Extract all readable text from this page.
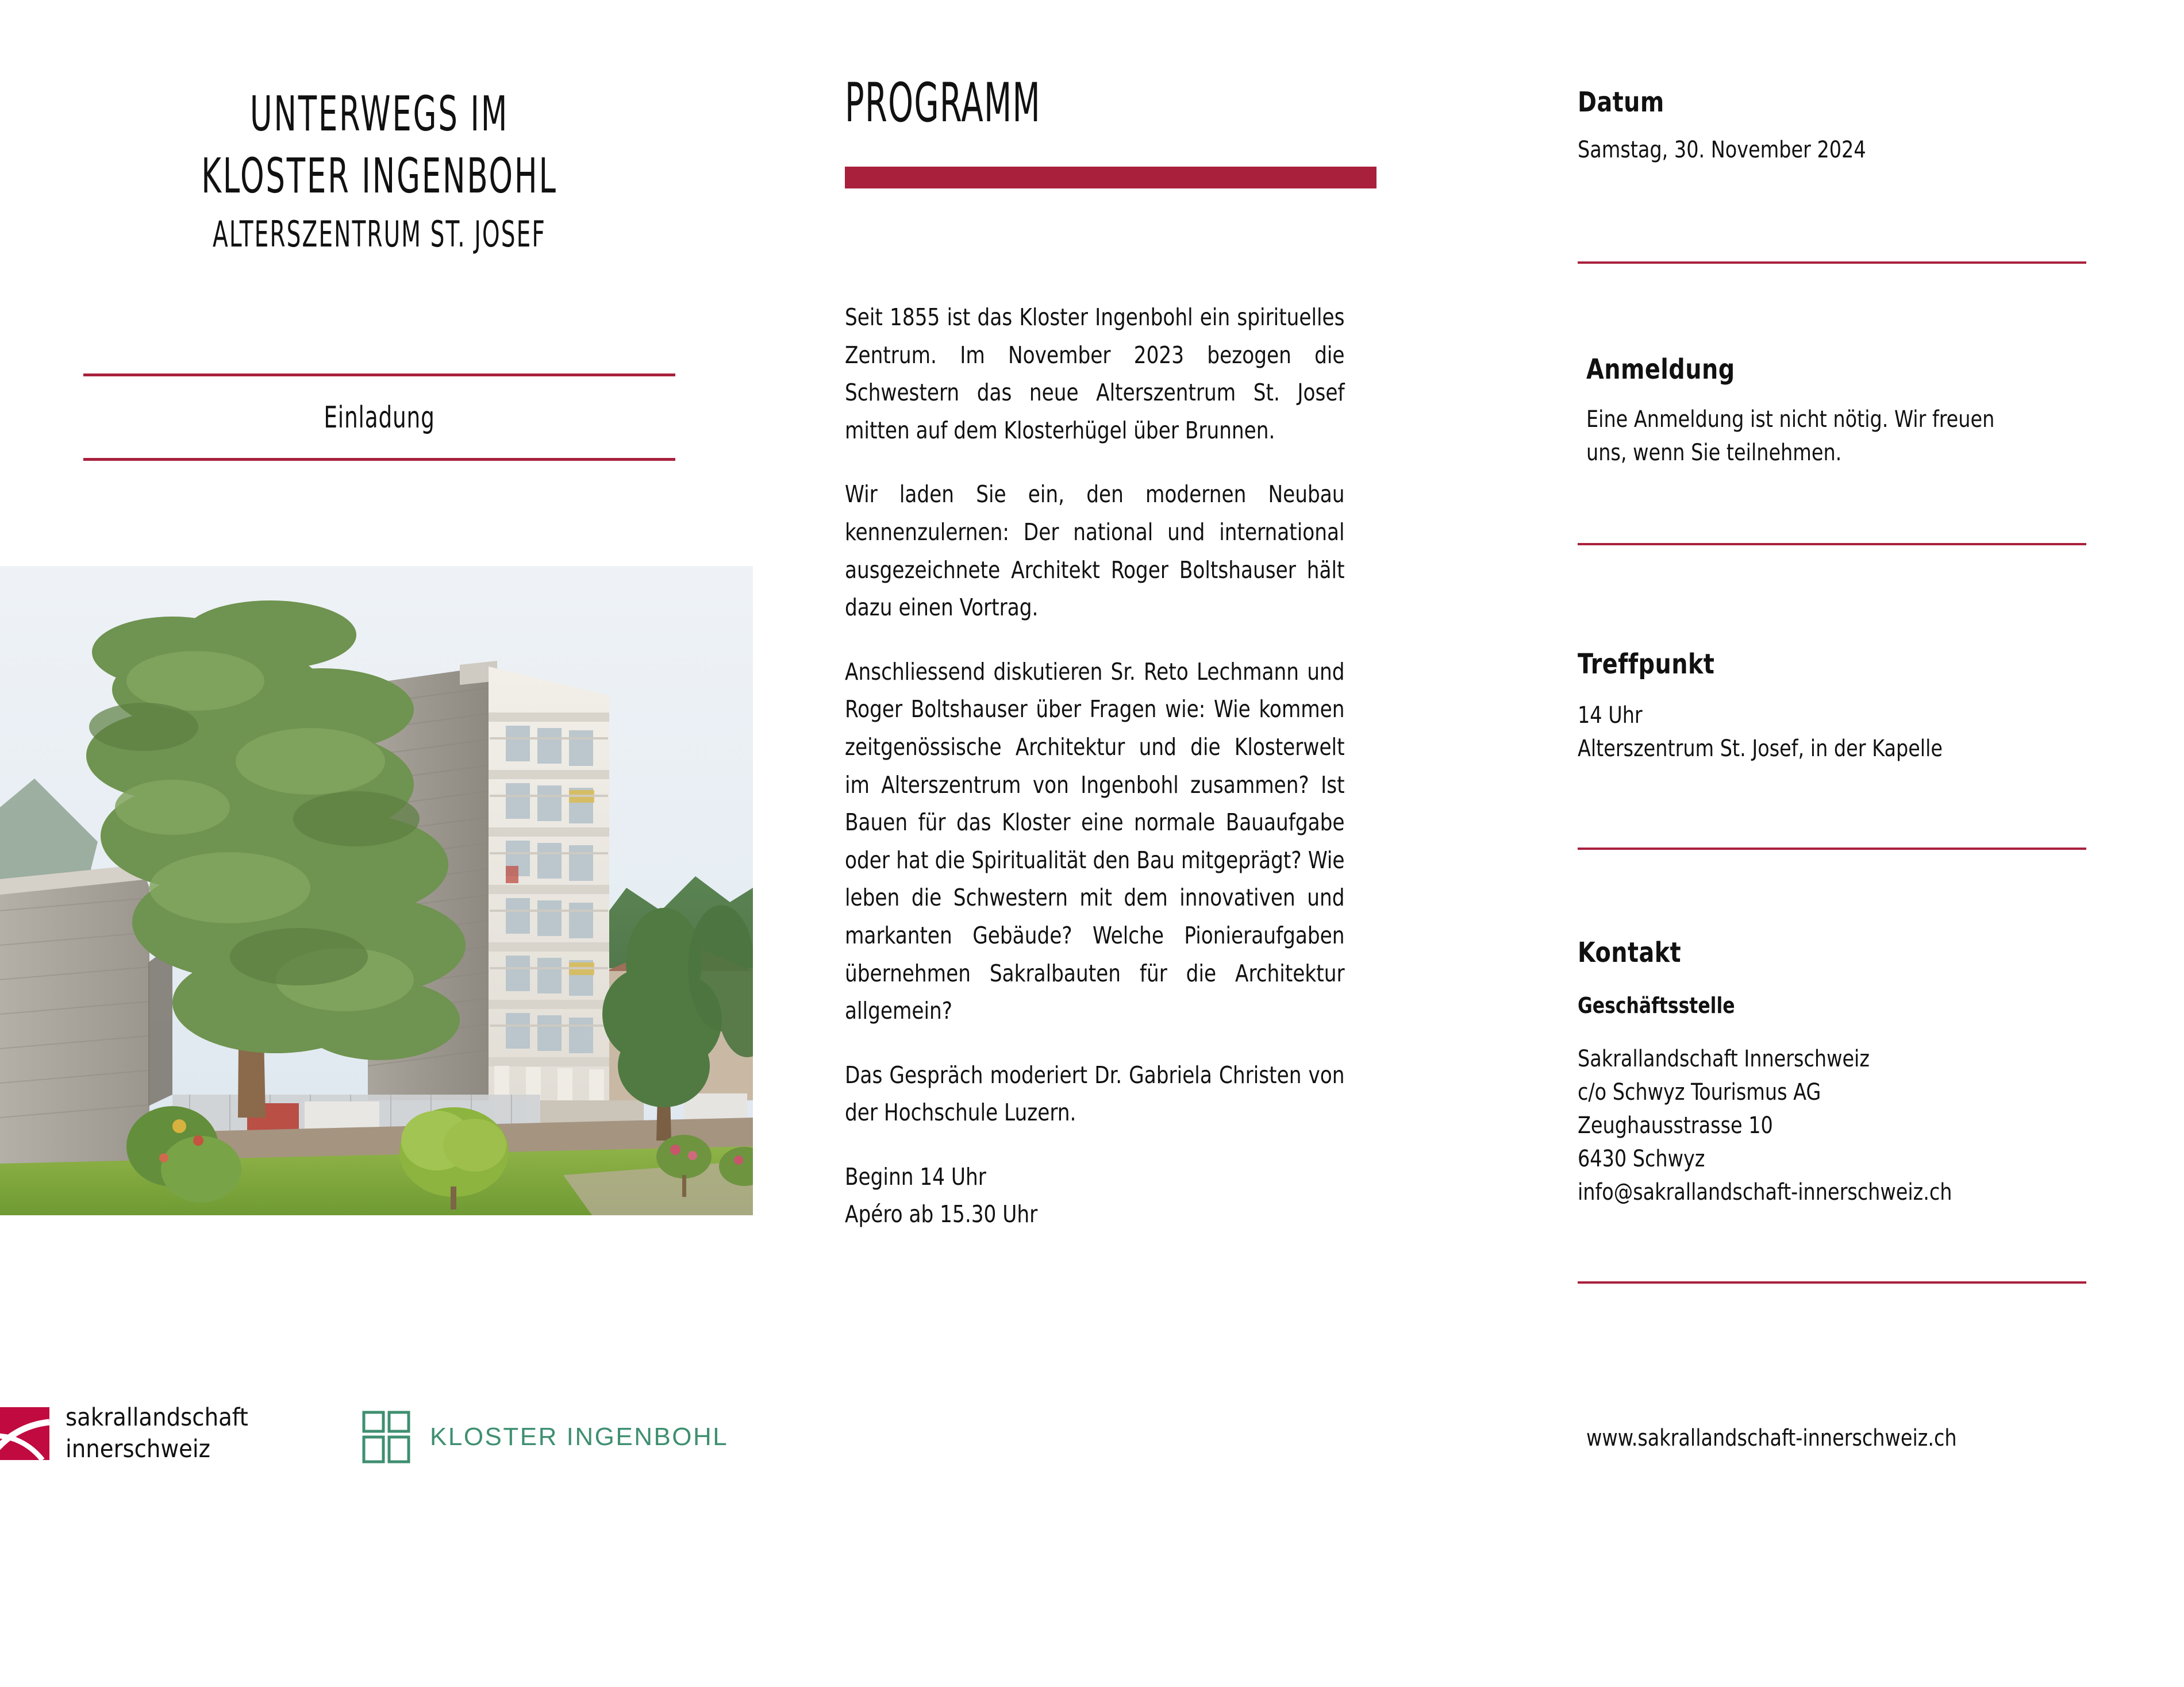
UNTERWEGS IM
KLOSTER INGENBOHL
ALTERSZENTRUM ST. JOSEF
Einladung
sakrallandschaft
innerschweiz	KLOSTER INGENBOHL
PROGRAMM

Seit 1855 ist das Kloster Ingenbohl ein spirituelles Zentrum. Im November 2023 bezogen die Schwestern das neue Alterszentrum St. Josef mitten auf dem Klosterhügel über Brunnen.

Wir laden Sie ein, den modernen Neubau kennenzulernen: Der national und international ausgezeichnete Architekt Roger Boltshauser hält dazu einen Vortrag.

Anschliessend diskutieren Sr. Reto Lechmann und Roger Boltshauser über Fragen wie: Wie kommen zeitgenössische Architektur und die Klosterwelt im Alterszentrum von Ingenbohl zusammen? Ist Bauen für das Kloster eine normale Bauaufgabe oder hat die Spiritualität den Bau mitgeprägt? Wie leben die Schwestern mit dem innovativen und markanten Gebäude? Welche Pionieraufgaben übernehmen Sakralbauten für die Architektur allgemein?

Das Gespräch moderiert Dr. Gabriela Christen von der Hochschule Luzern.

Beginn 14 Uhr

Apéro ab 15.30 Uhr

Datum

Samstag, 30. November 2024

Anmeldung

Eine Anmeldung ist nicht nötig. Wir freuen uns, wenn Sie teilnehmen.

Treffpunkt

14 Uhr

Alterszentrum St. Josef, in der Kapelle

Kontakt
Geschäftsstelle

Sakrallandschaft Innerschweiz

c/o Schwyz Tourismus AG

Zeughausstrasse 10

6430 Schwyz

info@sakrallandschaft-innerschweiz.ch

www.sakrallandschaft-innerschweiz.ch
